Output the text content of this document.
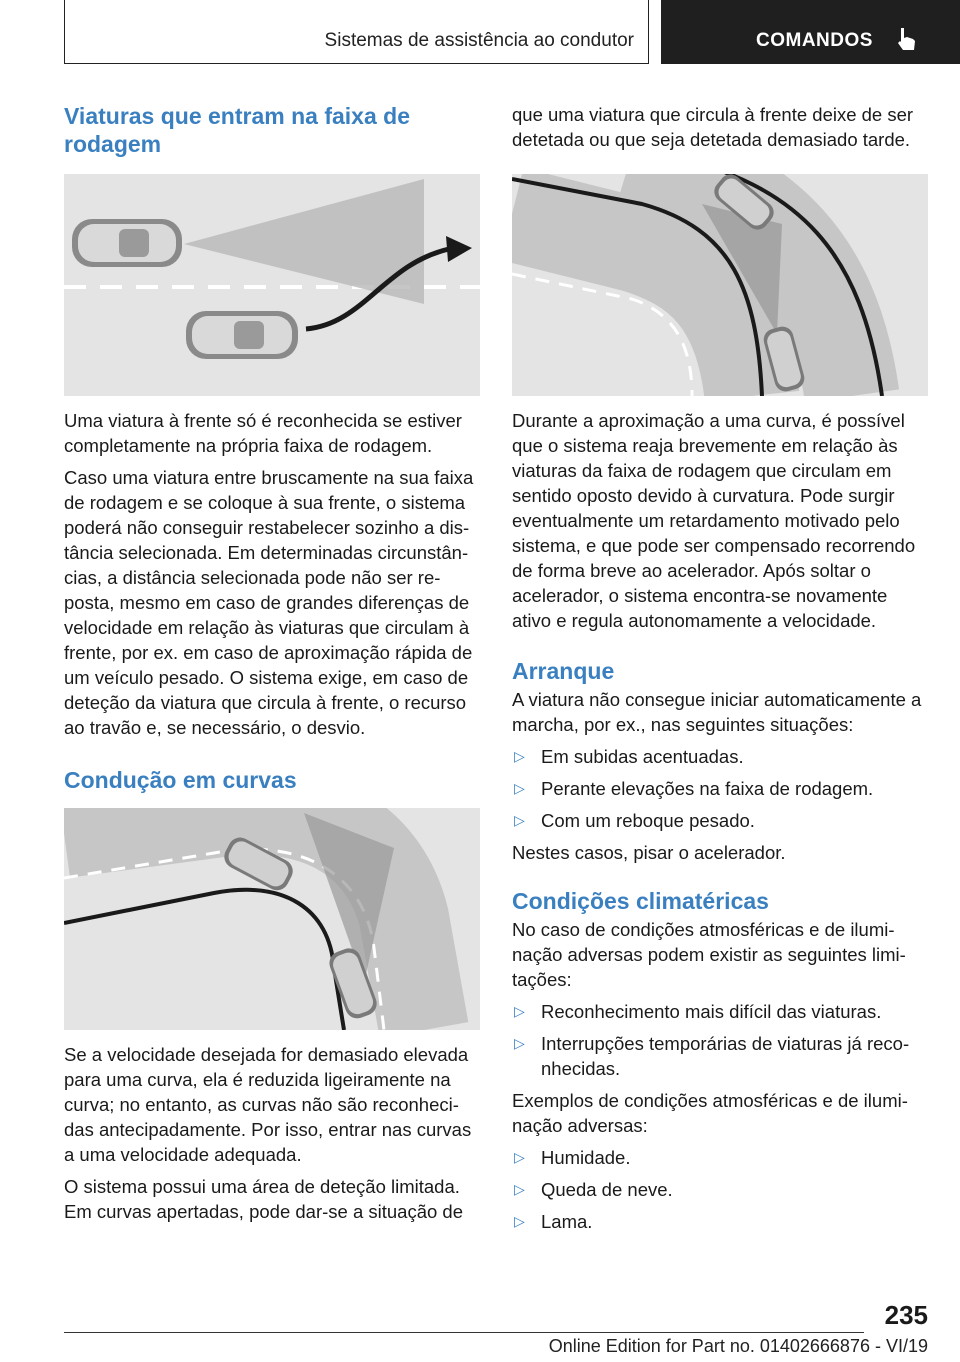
Sistemas de assistência ao condutor	COMANDOS
Viaturas que entram na faixa de rodagem

Uma viatura à frente só é reconhecida se estiver completamente na própria faixa de rodagem.

Caso uma viatura entre bruscamente na sua faixa de rodagem e se coloque à sua frente, o sistema poderá não conseguir restabelecer sozinho a distância selecionada. Em determinadas circunstâncias, a distância selecionada pode não ser reposta, mesmo em caso de grandes diferenças de velocidade em relação às viaturas que circulam à frente, por ex. em caso de aproximação rápida de um veículo pesado. O sistema exige, em caso de deteção da viatura que circula à frente, o recurso ao travão e, se necessário, o desvio.

Condução em curvas

Se a velocidade desejada for demasiado elevada para uma curva, ela é reduzida ligeiramente na curva; no entanto, as curvas não são reconhecidas antecipadamente. Por isso, entrar nas curvas a uma velocidade adequada.

O sistema possui uma área de deteção limitada. Em curvas apertadas, pode dar-se a situação de

que uma viatura que circula à frente deixe de ser detetada ou que seja detetada demasiado tarde.

Durante a aproximação a uma curva, é possível que o sistema reaja brevemente em relação às viaturas da faixa de rodagem que circulam em sentido oposto devido à curvatura. Pode surgir eventualmente um retardamento motivado pelo sistema, e que pode ser compensado recorrendo de forma breve ao acelerador. Após soltar o acelerador, o sistema encontra-se novamente ativo e regula autonomamente a velocidade.

Arranque

A viatura não consegue iniciar automaticamente a marcha, por ex., nas seguintes situações:

▷ Em subidas acentuadas.
▷ Perante elevações na faixa de rodagem.
▷ Com um reboque pesado.

Nestes casos, pisar o acelerador.

Condições climatéricas

No caso de condições atmosféricas e de iluminação adversas podem existir as seguintes limitações:

▷ Reconhecimento mais difícil das viaturas.
▷ Interrupções temporárias de viaturas já reconhecidas.

Exemplos de condições atmosféricas e de iluminação adversas:

▷ Humidade.
▷ Queda de neve.
▷ Lama.
235
Online Edition for Part no. 01402666876 - VI/19
